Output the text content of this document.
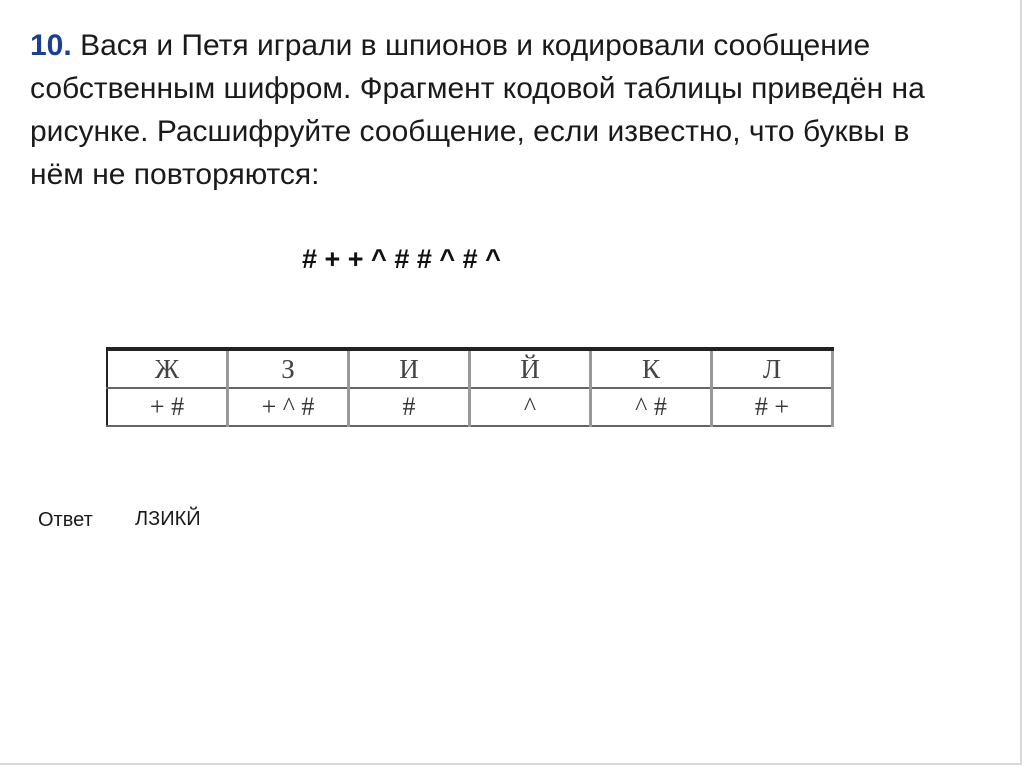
10. Вася и Петя играли в шпионов и кодировали сообщение собственным шифром. Фрагмент кодовой таблицы приведён на рисунке. Расшифруйте сообщение, если известно, что буквы в нём не повторяются:
# + + ^ # # ^ # ^
Ж	З	И	Й	К	Л
+ #	+ ^ #	#	^	^ #	# +
Ответ ЛЗИКЙ
